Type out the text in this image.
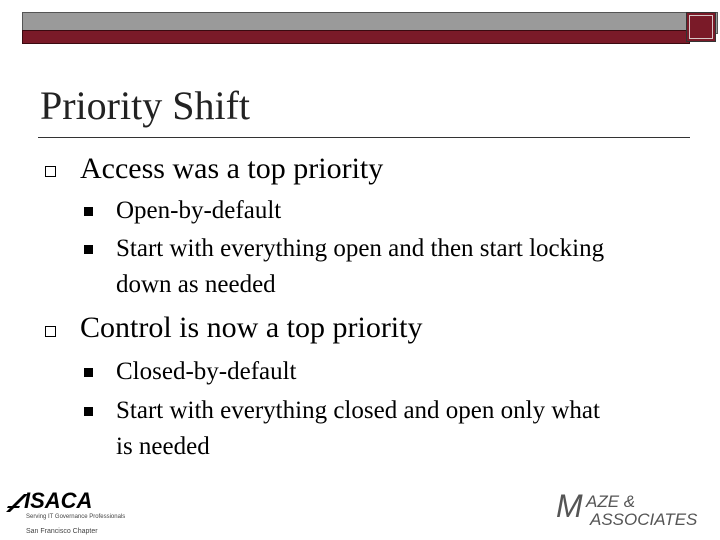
Priority Shift
Access was a top priority
Open-by-default
Start with everything open and then start locking
down as needed
Control is now a top priority
Closed-by-default
Start with everything closed and open only what
is needed
ISACA
Serving IT Governance Professionals
San Francisco Chapter
M AZE &
ASSOCIATES
